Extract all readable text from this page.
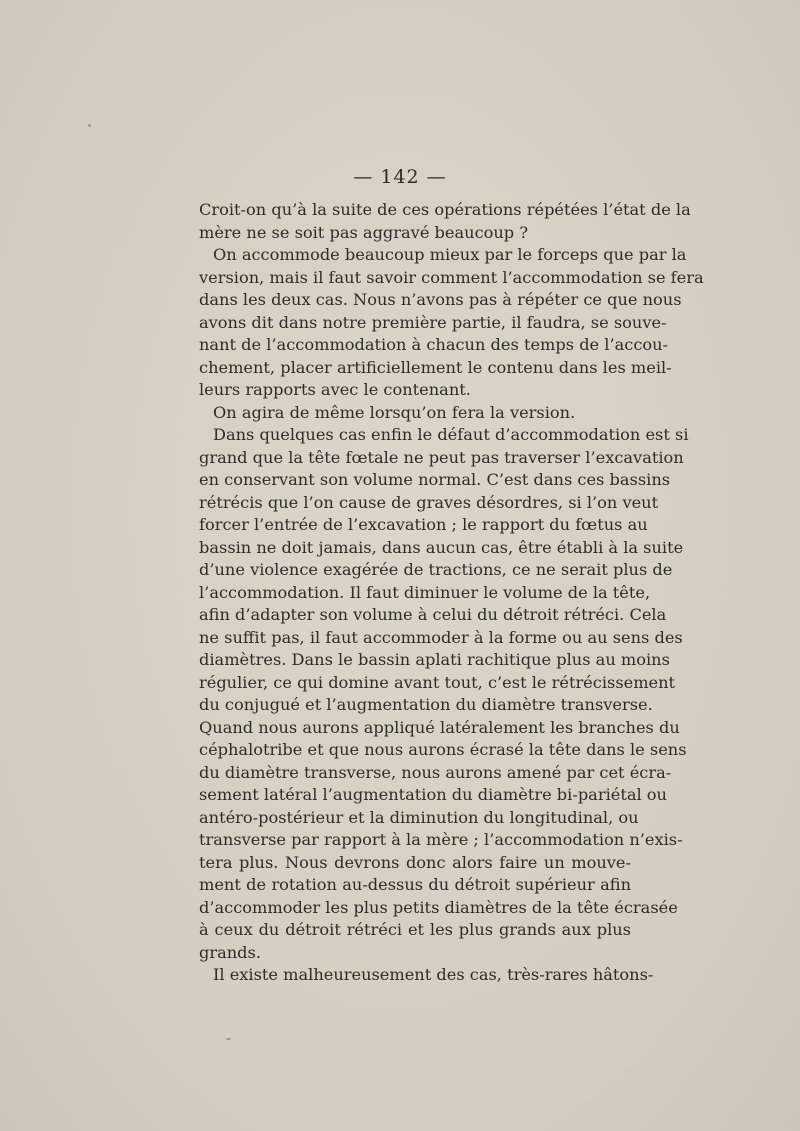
— 142 —
Croit-on qu’à la suite de ces opérations répétées l’état de la
mère ne se soit pas aggravé beaucoup ?
On accommode beaucoup mieux par le forceps que par la
version, mais il faut savoir comment l’accommodation se fera
dans les deux cas. Nous n’avons pas à répéter ce que nous
avons dit dans notre première partie, il faudra, se souve-
nant de l’accommodation à chacun des temps de l’accou-
chement, placer artificiellement le contenu dans les meil-
leurs rapports avec le contenant.
On agira de même lorsqu’on fera la version.
Dans quelques cas enfin le défaut d’accommodation est si
grand que la tête fœtale ne peut pas traverser l’excavation
en conservant son volume normal. C’est dans ces bassins
rétrécis que l’on cause de graves désordres, si l’on veut
forcer l’entrée de l’excavation ; le rapport du fœtus au
bassin ne doit jamais, dans aucun cas, être établi à la suite
d’une violence exagérée de tractions, ce ne serait plus de
l’accommodation. Il faut diminuer le volume de la tête,
afin d’adapter son volume à celui du détroit rétréci. Cela
ne suffit pas, il faut accommoder à la forme ou au sens des
diamètres. Dans le bassin aplati rachitique plus au moins
régulier, ce qui domine avant tout, c’est le rétrécissement
du conjugué et l’augmentation du diamètre transverse.
Quand nous aurons appliqué latéralement les branches du
céphalotribe et que nous aurons écrasé la tête dans le sens
du diamètre transverse, nous aurons amené par cet écra-
sement latéral l’augmentation du diamètre bi-pariétal ou
antéro-postérieur et la diminution du longitudinal, ou
transverse par rapport à la mère ; l’accommodation n’exis-
tera plus. Nous devrons donc alors faire un mouve-
ment de rotation au-dessus du détroit supérieur afin
d’accommoder les plus petits diamètres de la tête écrasée
à ceux du détroit rétréci et les plus grands aux plus
grands.
Il existe malheureusement des cas, très-rares hâtons-
